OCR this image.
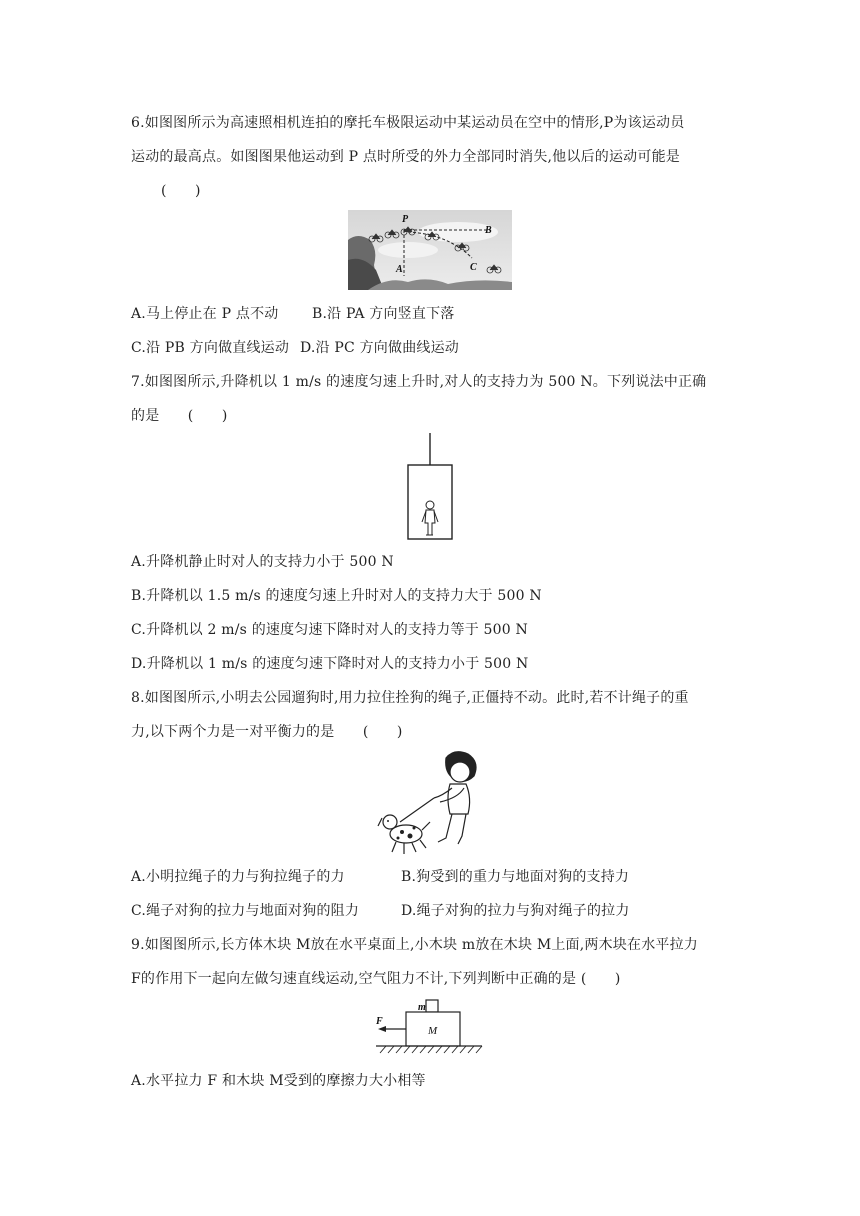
6.如图图所示为高速照相机连拍的摩托车极限运动中某运动员在空中的情形,P为该运动员
运动的最高点。如图图果他运动到 P 点时所受的外力全部同时消失,他以后的运动可能是
(　　)
P
B
C
A
A.马上停止在 P 点不动 B.沿 PA 方向竖直下落
C.沿 PB 方向做直线运动 D.沿 PC 方向做曲线运动
7.如图图所示,升降机以 1 m/s 的速度匀速上升时,对人的支持力为 500 N。下列说法中正确
的是　　(　　)
A.升降机静止时对人的支持力小于 500 N
B.升降机以 1.5 m/s 的速度匀速上升时对人的支持力大于 500 N
C.升降机以 2 m/s 的速度匀速下降时对人的支持力等于 500 N
D.升降机以 1 m/s 的速度匀速下降时对人的支持力小于 500 N
8.如图图所示,小明去公园遛狗时,用力拉住拴狗的绳子,正僵持不动。此时,若不计绳子的重
力,以下两个力是一对平衡力的是　　(　　)
A.小明拉绳子的力与狗拉绳子的力	B.狗受到的重力与地面对狗的支持力
C.绳子对狗的拉力与地面对狗的阻力	D.绳子对狗的拉力与狗对绳子的拉力
9.如图图所示,长方体木块 M放在水平桌面上,小木块 m放在木块 M上面,两木块在水平拉力
F的作用下一起向左做匀速直线运动,空气阻力不计,下列判断中正确的是 (　　)
m
M
F
A.水平拉力 F 和木块 M受到的摩擦力大小相等
